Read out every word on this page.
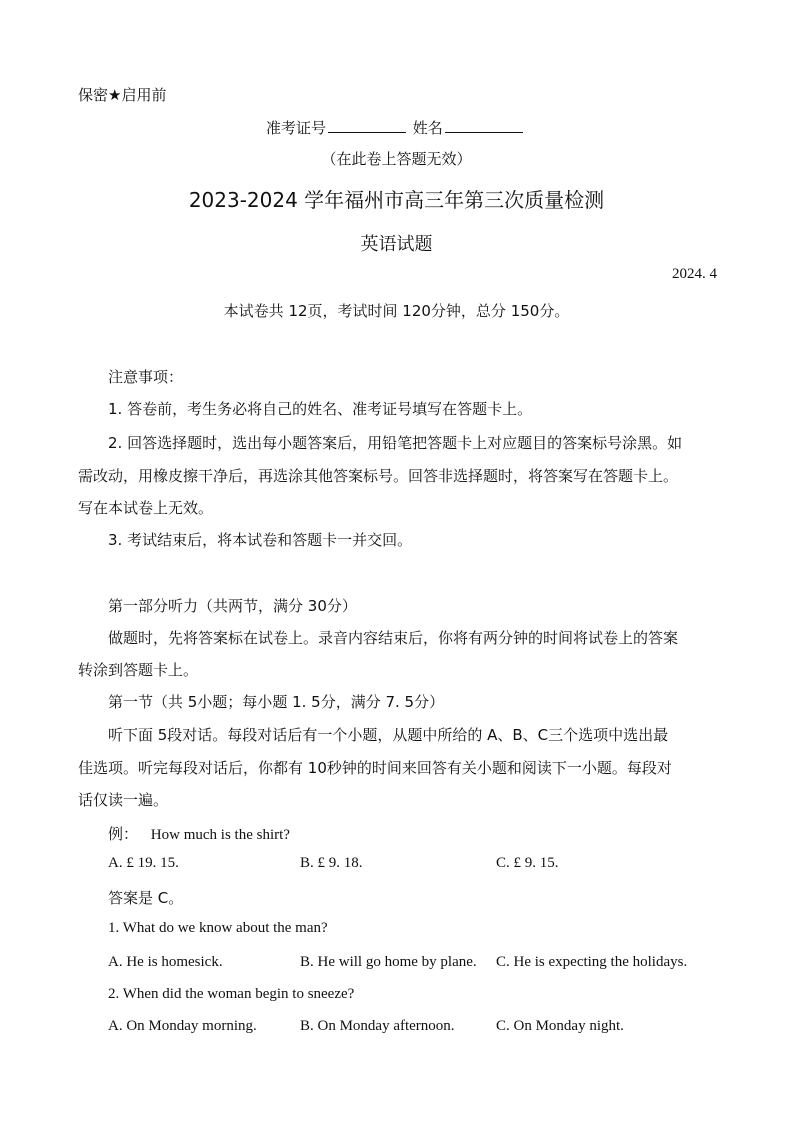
保密★启用前
准考证号	姓名
（在此卷上答题无效）
2023-2024 学年福州市高三年第三次质量检测
英语试题
2024. 4
本试卷共 12页，考试时间 120分钟，总分 150分。
注意事项：
1. 答卷前，考生务必将自己的姓名、准考证号填写在答题卡上。
2. 回答选择题时，选出每小题答案后，用铅笔把答题卡上对应题目的答案标号涂黑。如
需改动，用橡皮擦干净后，再选涂其他答案标号。回答非选择题时，将答案写在答题卡上。
写在本试卷上无效。
3. 考试结束后，将本试卷和答题卡一并交回。
第一部分听力（共两节，满分 30分）
做题时，先将答案标在试卷上。录音内容结束后，你将有两分钟的时间将试卷上的答案
转涂到答题卡上。
第一节（共 5小题；每小题 1. 5分，满分 7. 5分）
听下面 5段对话。每段对话后有一个小题，从题中所给的 A、B、C三个选项中选出最
佳选项。听完每段对话后，你都有 10秒钟的时间来回答有关小题和阅读下一小题。每段对
话仅读一遍。
例： How much is the shirt?
A. £ 19. 15.	B. £ 9. 18.	C. £ 9. 15.
答案是 C。
1. What do we know about the man?
A. He is homesick.	B. He will go home by plane. C. He is expecting the holidays.
2. When did the woman begin to sneeze?
A. On Monday morning.	B. On Monday afternoon.	C. On Monday night.
